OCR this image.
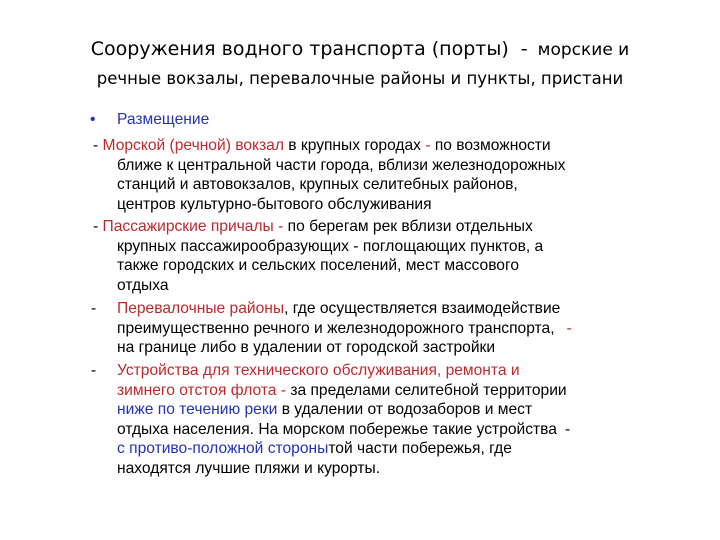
Сооружения водного транспорта (порты) - морские и
речные вокзалы, перевалочные районы и пункты, пристани
• Размещение
- Морской (речной) вокзал в крупных городах - по возможности
ближе к центральной части города, вблизи железнодорожных
станций и автовокзалов, крупных селитебных районов,
центров культурно-бытового обслуживания
- Пассажирские причалы - по берегам рек вблизи отдельных
крупных пассажирообразующих - поглощающих пунктов, а
также городских и сельских поселений, мест массового
отдыха
- Перевалочные районы, где осуществляется взаимодействие
преимущественно речного и железнодорожного транспорта, -
на границе либо в удалении от городской застройки
- Устройства для технического обслуживания, ремонта и
зимнего отстоя флота - за пределами селитебной территории
ниже по течению реки в удалении от водозаборов и мест
отдыха населения. На морском побережье такие устройства -
с противо-положной сторонытой части побережья, где
находятся лучшие пляжи и курорты.
